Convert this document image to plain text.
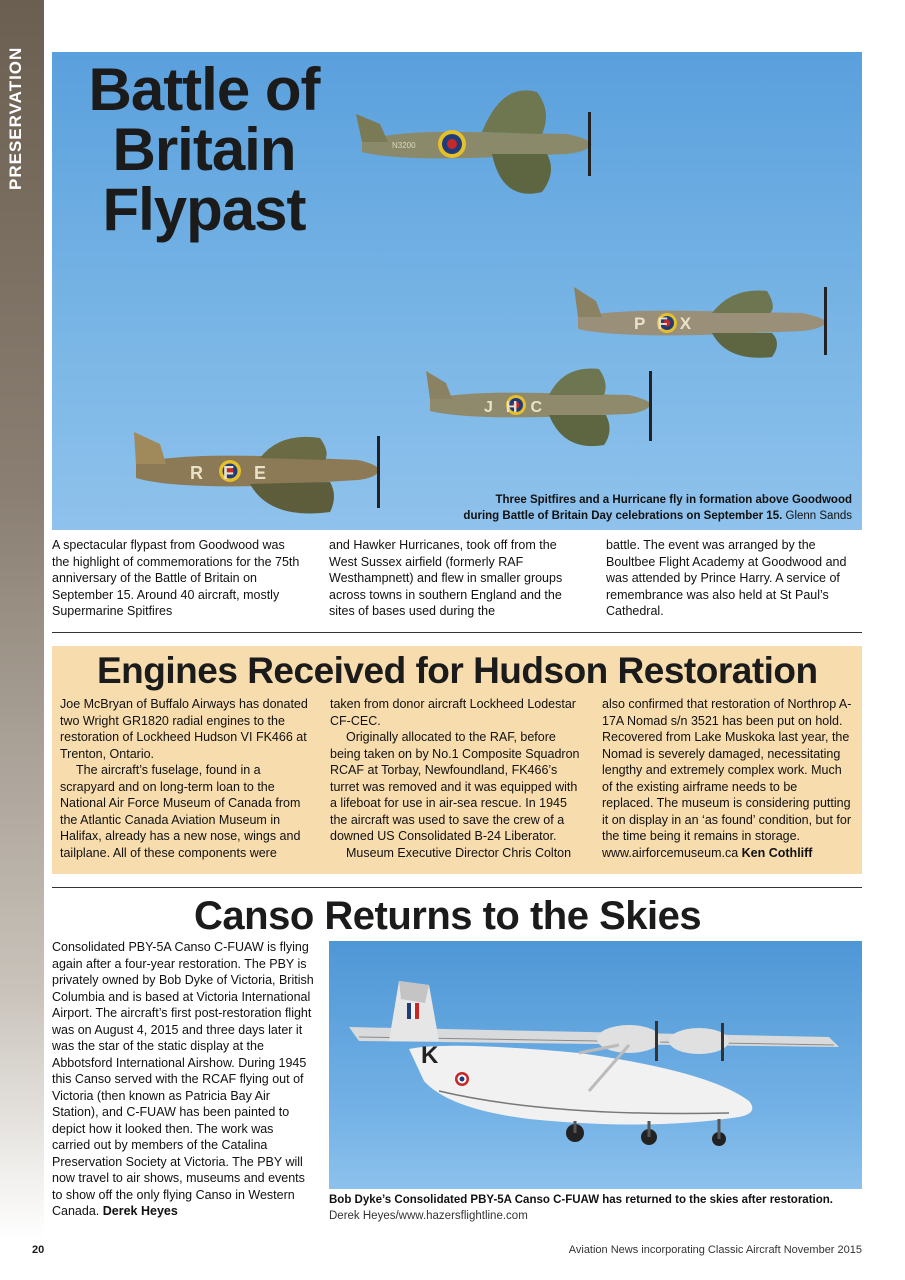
PRESERVATION Battle of
Britain
Flypast
N3200
PFX
JHC
RFE
Three Spitfires and a Hurricane fly in formation above Goodwood
during Battle of Britain Day celebrations on September 15. Glenn Sands
A spectacular flypast from Goodwood was the highlight of commemorations for the 75th anniversary of the Battle of Britain on September 15. Around 40 aircraft, mostly Supermarine Spitfires
and Hawker Hurricanes, took off from the West Sussex airfield (formerly RAF Westhampnett) and flew in smaller groups across towns in southern England and the sites of bases used during the
battle. The event was arranged by the Boultbee Flight Academy at Goodwood and was attended by Prince Harry. A service of remembrance was also held at St Paul’s Cathedral.
Engines Received for Hudson Restoration
Joe McBryan of Buffalo Airways has donated two Wright GR1820 radial engines to the restoration of Lockheed Hudson VI FK466 at Trenton, Ontario.
The aircraft’s fuselage, found in a scrapyard and on long-term loan to the National Air Force Museum of Canada from the Atlantic Canada Aviation Museum in Halifax, already has a new nose, wings and tailplane. All of these components were
taken from donor aircraft Lockheed Lodestar CF-CEC.
Originally allocated to the RAF, before being taken on by No.1 Composite Squadron RCAF at Torbay, Newfoundland, FK466’s turret was removed and it was equipped with a lifeboat for use in air-sea rescue. In 1945 the aircraft was used to save the crew of a downed US Consolidated B-24 Liberator.
Museum Executive Director Chris Colton
also confirmed that restoration of Northrop A-17A Nomad s/n 3521 has been put on hold. Recovered from Lake Muskoka last year, the Nomad is severely damaged, necessitating lengthy and extremely complex work. Much of the existing airframe needs to be replaced. The museum is considering putting it on display in an ‘as found’ condition, but for the time being it remains in storage. www.airforcemuseum.ca Ken Cothliff
Canso Returns to the Skies
Consolidated PBY-5A Canso C-FUAW is flying again after a four-year restoration. The PBY is privately owned by Bob Dyke of Victoria, British Columbia and is based at Victoria International Airport. The aircraft’s first post-restoration flight was on August 4, 2015 and three days later it was the star of the static display at the Abbotsford International Airshow. During 1945 this Canso served with the RCAF flying out of Victoria (then known as Patricia Bay Air Station), and C-FUAW has been painted to depict how it looked then. The work was carried out by members of the Catalina Preservation Society at Victoria. The PBY will now travel to air shows, museums and events to show off the only flying Canso in Western Canada. Derek Heyes
K
Bob Dyke’s Consolidated PBY-5A Canso C-FUAW has returned to the skies after restoration.
Derek Heyes/www.hazersflightline.com
20	Aviation News incorporating Classic Aircraft November 2015
